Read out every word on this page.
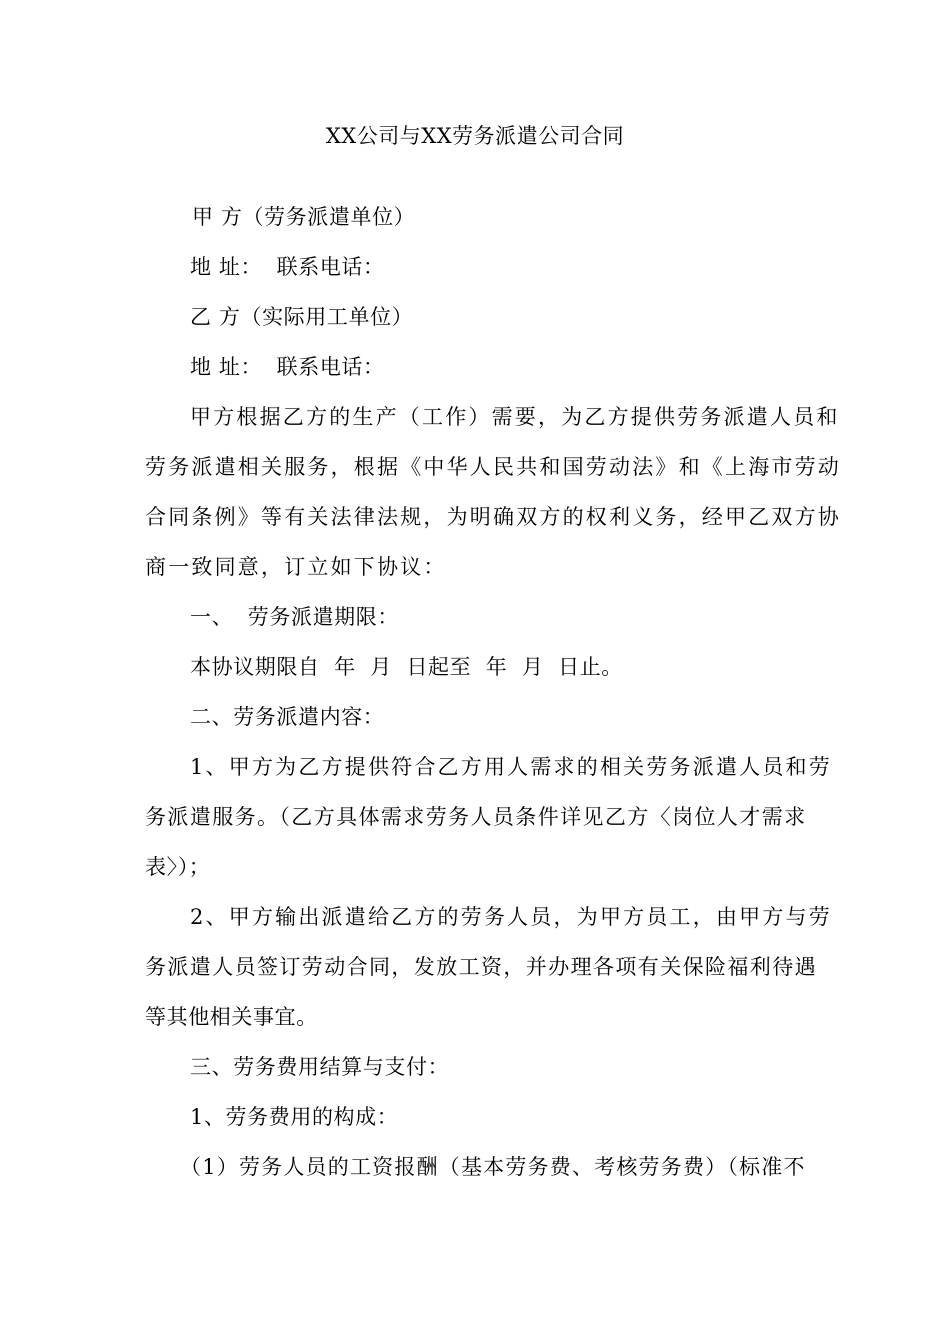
XX公司与XX劳务派遣公司合同
甲 方（劳务派遣单位）
地 址：  联系电话：
乙 方（实际用工单位）
地 址：  联系电话：
甲方根据乙方的生产（工作）需要，为乙方提供劳务派遣人员和
劳务派遣相关服务，根据《中华人民共和国劳动法》和《上海市劳动
合同条例》等有关法律法规，为明确双方的权利义务，经甲乙双方协
商一致同意，订立如下协议：
一、  劳务派遣期限：
本协议期限自  年  月  日起至  年  月  日止。
二、劳务派遣内容：
1、甲方为乙方提供符合乙方用人需求的相关劳务派遣人员和劳
务派遣服务。（乙方具体需求劳务人员条件详见乙方〈岗位人才需求
表〉）；
2、甲方输出派遣给乙方的劳务人员，为甲方员工，由甲方与劳
务派遣人员签订劳动合同，发放工资，并办理各项有关保险福利待遇
等其他相关事宜。
三、劳务费用结算与支付：
1、劳务费用的构成：
（1）劳务人员的工资报酬（基本劳务费、考核劳务费）（标准不
